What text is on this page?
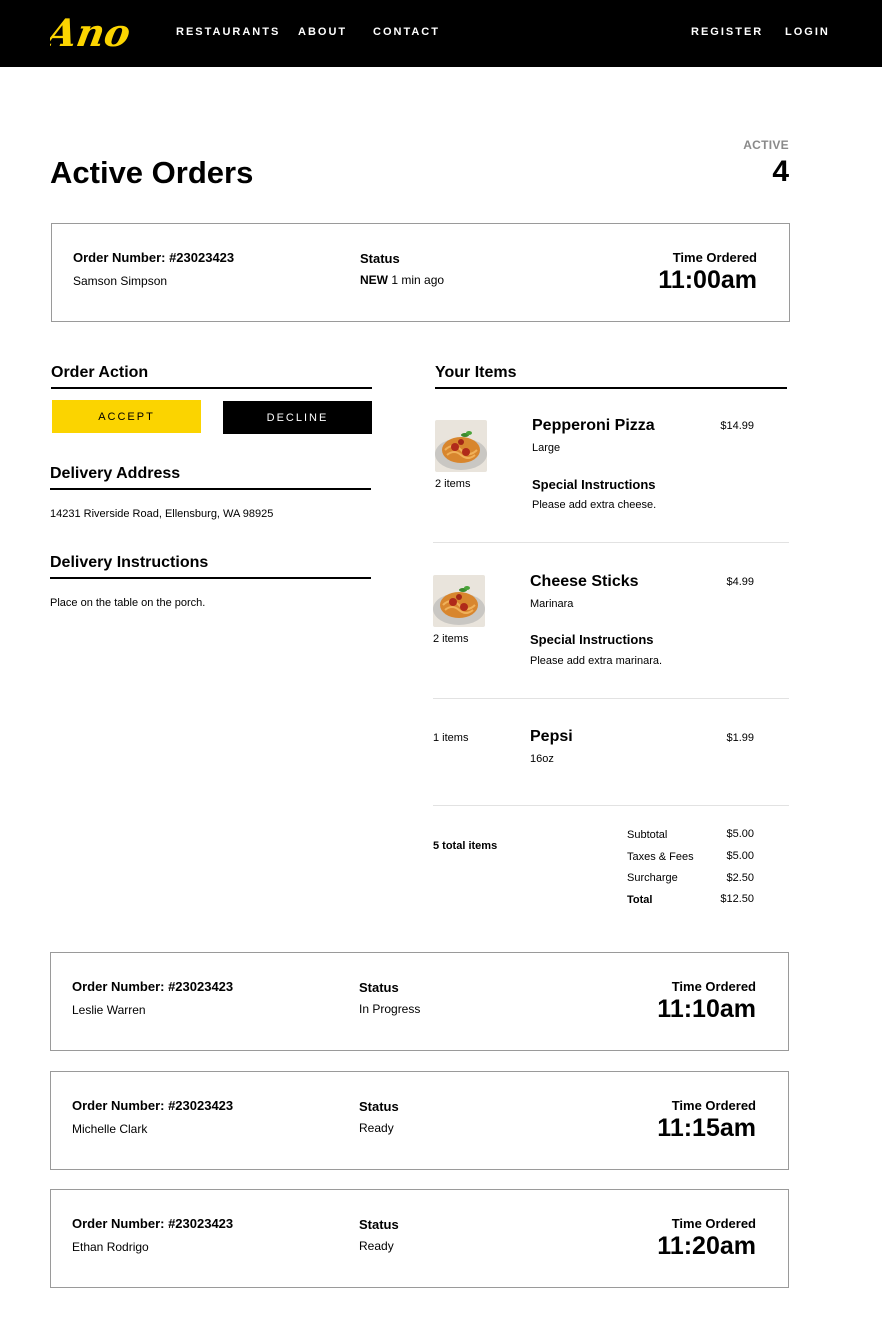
Ano	RESTAURANTS ABOUT CONTACT	REGISTER LOGIN
Active Orders
ACTIVE
4
Order Number: #23023423
Samson Simpson
Status
NEW 1 min ago
Time Ordered
11:00am
Order Action
ACCEPT	DECLINE
Delivery Address
14231 Riverside Road, Ellensburg, WA 98925
Delivery Instructions
Place on the table on the porch.
Your Items
2 items
Pepperoni Pizza
Large
$14.99
Special Instructions
Please add extra cheese.
2 items
Cheese Sticks
Marinara
$4.99
Special Instructions
Please add extra marinara.
1 items	Pepsi
16oz
$1.99
5 total items
Subtotal	$5.00
Taxes & Fees	$5.00
Surcharge	$2.50
Total	$12.50
Order Number: #23023423
Leslie Warren
Status
In Progress
Time Ordered
11:10am
Order Number: #23023423
Michelle Clark
Status
Ready
Time Ordered
11:15am
Order Number: #23023423
Ethan Rodrigo
Status
Ready
Time Ordered
11:20am
